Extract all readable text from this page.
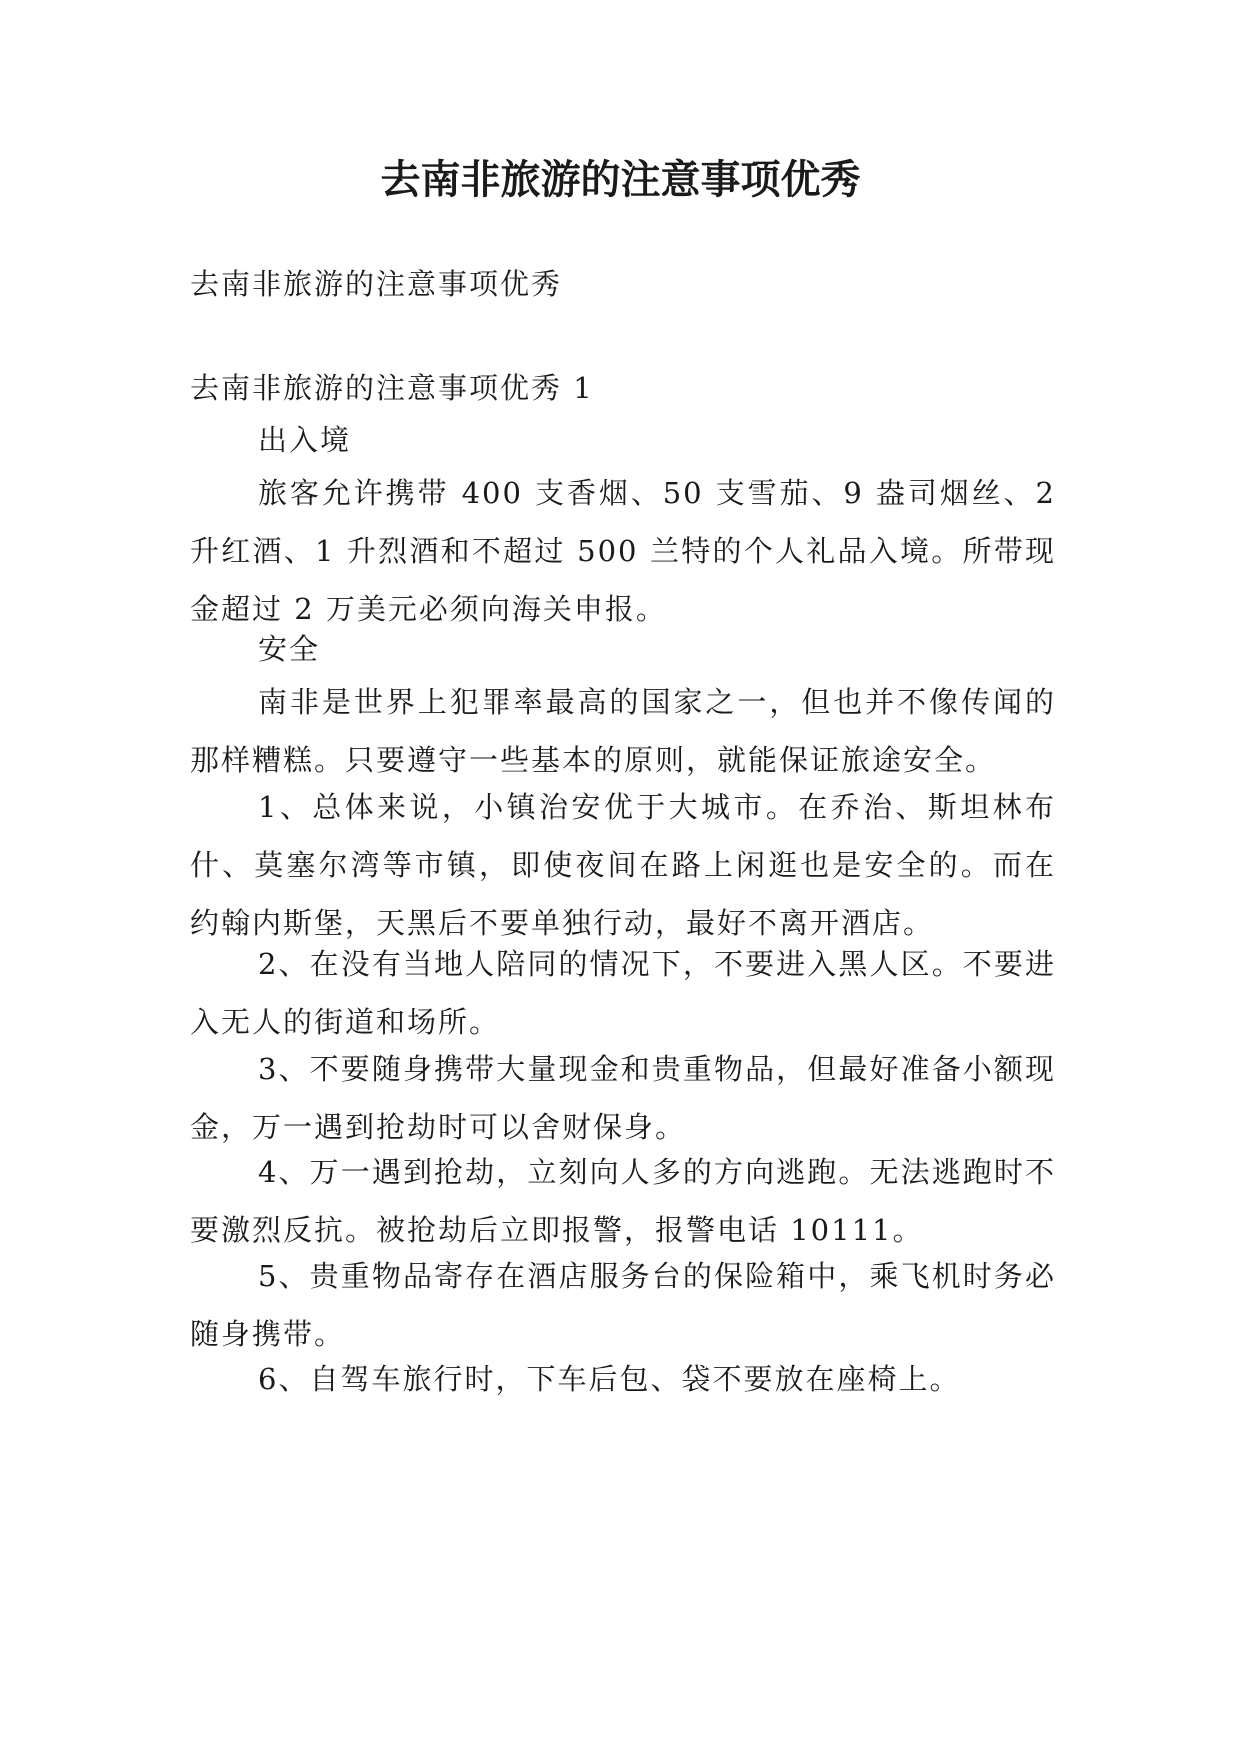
去南非旅游的注意事项优秀

去南非旅游的注意事项优秀

去南非旅游的注意事项优秀 1

出入境

旅客允许携带 400 支香烟、50 支雪茄、9 盎司烟丝、2 升红酒、1 升烈酒和不超过 500 兰特的个人礼品入境。所带现金超过 2 万美元必须向海关申报。

安全

南非是世界上犯罪率最高的国家之一，但也并不像传闻的那样糟糕。只要遵守一些基本的原则，就能保证旅途安全。

1、总体来说，小镇治安优于大城市。在乔治、斯坦林布什、莫塞尔湾等市镇，即使夜间在路上闲逛也是安全的。而在约翰内斯堡，天黑后不要单独行动，最好不离开酒店。

2、在没有当地人陪同的情况下，不要进入黑人区。不要进入无人的街道和场所。

3、不要随身携带大量现金和贵重物品，但最好准备小额现金，万一遇到抢劫时可以舍财保身。

4、万一遇到抢劫，立刻向人多的方向逃跑。无法逃跑时不要激烈反抗。被抢劫后立即报警，报警电话 10111。

5、贵重物品寄存在酒店服务台的保险箱中，乘飞机时务必随身携带。

6、自驾车旅行时，下车后包、袋不要放在座椅上。
